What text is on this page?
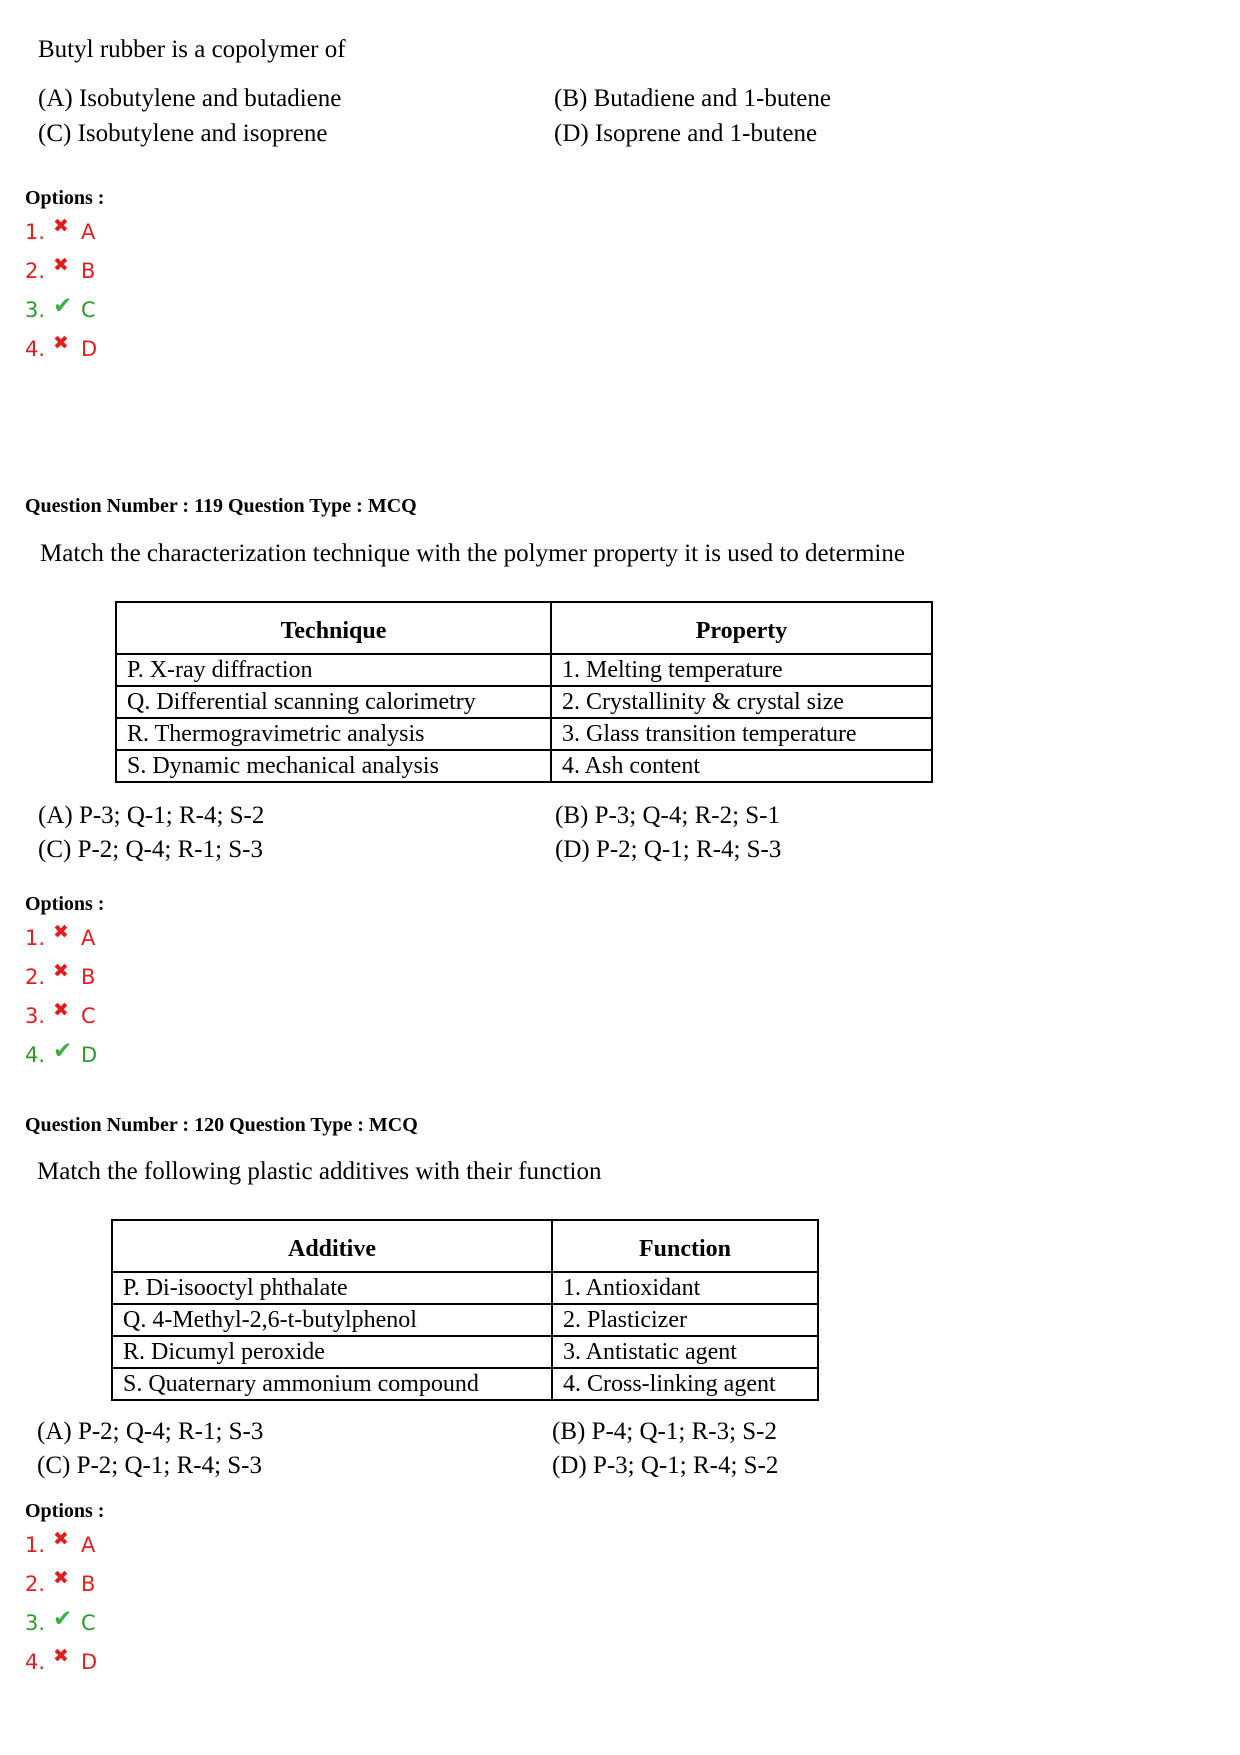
Butyl rubber is a copolymer of
(A) Isobutylene and butadiene	(B) Butadiene and 1-butene
(C) Isobutylene and isoprene	(D) Isoprene and 1-butene
Options :
1. ✖ A
2. ✖ B
3. ✔ C
4. ✖ D
Question Number : 119 Question Type : MCQ
Match the characterization technique with the polymer property it is used to determine
Technique	Property
P. X-ray diffraction	1. Melting temperature
Q. Differential scanning calorimetry	2. Crystallinity & crystal size
R. Thermogravimetric analysis	3. Glass transition temperature
S. Dynamic mechanical analysis	4. Ash content
(A) P-3; Q-1; R-4; S-2	(B) P-3; Q-4; R-2; S-1
(C) P-2; Q-4; R-1; S-3	(D) P-2; Q-1; R-4; S-3
Options :
1. ✖ A
2. ✖ B
3. ✖ C
4. ✔ D
Question Number : 120 Question Type : MCQ
Match the following plastic additives with their function
Additive	Function
P. Di-isooctyl phthalate	1. Antioxidant
Q. 4-Methyl-2,6-t-butylphenol	2. Plasticizer
R. Dicumyl peroxide	3. Antistatic agent
S. Quaternary ammonium compound	4. Cross-linking agent
(A) P-2; Q-4; R-1; S-3	(B) P-4; Q-1; R-3; S-2
(C) P-2; Q-1; R-4; S-3	(D) P-3; Q-1; R-4; S-2
Options :
1. ✖ A
2. ✖ B
3. ✔ C
4. ✖ D
